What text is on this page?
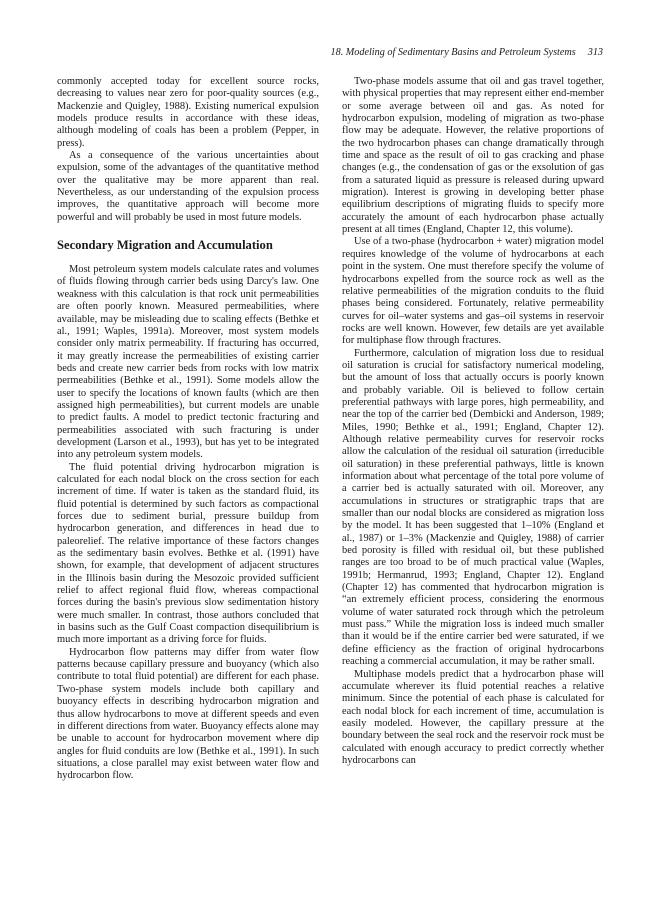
18. Modeling of Sedimentary Basins and Petroleum Systems 313

commonly accepted today for excellent source rocks, decreasing to values near zero for poor-quality sources (e.g., Mackenzie and Quigley, 1988). Existing numerical expulsion models produce results in accordance with these ideas, although modeling of coals has been a problem (Pepper, in press).

As a consequence of the various uncertainties about expulsion, some of the advantages of the quantitative method over the qualitative may be more apparent than real. Nevertheless, as our understanding of the expulsion process improves, the quantitative approach will become more powerful and will probably be used in most future models.

Secondary Migration and Accumulation

Most petroleum system models calculate rates and volumes of fluids flowing through carrier beds using Darcy's law. One weakness with this calculation is that rock unit permeabilities are often poorly known. Measured permeabilities, where available, may be misleading due to scaling effects (Bethke et al., 1991; Waples, 1991a). Moreover, most system models consider only matrix permeability. If fracturing has occurred, it may greatly increase the permeabilities of existing carrier beds and create new carrier beds from rocks with low matrix permeabilities (Bethke et al., 1991). Some models allow the user to specify the locations of known faults (which are then assigned high permeabilities), but current models are unable to predict faults. A model to predict tectonic fracturing and permeabilities associated with such fracturing is under development (Larson et al., 1993), but has yet to be integrated into any petroleum system models.

The fluid potential driving hydrocarbon migration is calculated for each nodal block on the cross section for each increment of time. If water is taken as the standard fluid, its fluid potential is determined by such factors as compactional forces due to sediment burial, pressure buildup from hydrocarbon generation, and differences in head due to paleorelief. The relative importance of these factors changes as the sedimentary basin evolves. Bethke et al. (1991) have shown, for example, that development of adjacent structures in the Illinois basin during the Mesozoic provided sufficient relief to affect regional fluid flow, whereas compactional forces during the basin's previous slow sedimentation history were much smaller. In contrast, those authors concluded that in basins such as the Gulf Coast compaction disequilibrium is much more important as a driving force for fluids.

Hydrocarbon flow patterns may differ from water flow patterns because capillary pressure and buoyancy (which also contribute to total fluid potential) are different for each phase. Two-phase system models include both capillary and buoyancy effects in describing hydrocarbon migration and thus allow hydrocarbons to move at different speeds and even in different directions from water. Buoyancy effects alone may be unable to account for hydrocarbon movement where dip angles for fluid conduits are low (Bethke et al., 1991). In such situations, a close parallel may exist between water flow and hydrocarbon flow.

Two-phase models assume that oil and gas travel together, with physical properties that may represent either end-member or some average between oil and gas. As noted for hydrocarbon expulsion, modeling of migration as two-phase flow may be adequate. However, the relative proportions of the two hydrocarbon phases can change dramatically through time and space as the result of oil to gas cracking and phase changes (e.g., the condensation of gas or the exsolution of gas from a saturated liquid as pressure is released during upward migration). Interest is growing in developing better phase equilibrium descriptions of migrating fluids to specify more accurately the amount of each hydrocarbon phase actually present at all times (England, Chapter 12, this volume).

Use of a two-phase (hydrocarbon + water) migration model requires knowledge of the volume of hydrocarbons at each point in the system. One must therefore specify the volume of hydrocarbons expelled from the source rock as well as the relative permeabilities of the migration conduits to the fluid phases being considered. Fortunately, relative permeability curves for oil–water systems and gas–oil systems in reservoir rocks are well known. However, few details are yet available for multiphase flow through fractures.

Furthermore, calculation of migration loss due to residual oil saturation is crucial for satisfactory numerical modeling, but the amount of loss that actually occurs is poorly known and probably variable. Oil is believed to follow certain preferential pathways with large pores, high permeability, and near the top of the carrier bed (Dembicki and Anderson, 1989; Miles, 1990; Bethke et al., 1991; England, Chapter 12). Although relative permeability curves for reservoir rocks allow the calculation of the residual oil saturation (irreducible oil saturation) in these preferential pathways, little is known information about what percentage of the total pore volume of a carrier bed is actually saturated with oil. Moreover, any accumulations in structures or stratigraphic traps that are smaller than our nodal blocks are considered as migration loss by the model. It has been suggested that 1–10% (England et al., 1987) or 1–3% (Mackenzie and Quigley, 1988) of carrier bed porosity is filled with residual oil, but these published ranges are too broad to be of much practical value (Waples, 1991b; Hermanrud, 1993; England, Chapter 12). England (Chapter 12) has commented that hydrocarbon migration is “an extremely efficient process, considering the enormous volume of water saturated rock through which the petroleum must pass.” While the migration loss is indeed much smaller than it would be if the entire carrier bed were saturated, if we define efficiency as the fraction of original hydrocarbons reaching a commercial accumulation, it may be rather small.

Multiphase models predict that a hydrocarbon phase will accumulate wherever its fluid potential reaches a relative minimum. Since the potential of each phase is calculated for each nodal block for each increment of time, accumulation is easily modeled. However, the capillary pressure at the boundary between the seal rock and the reservoir rock must be calculated with enough accuracy to predict correctly whether hydrocarbons can
